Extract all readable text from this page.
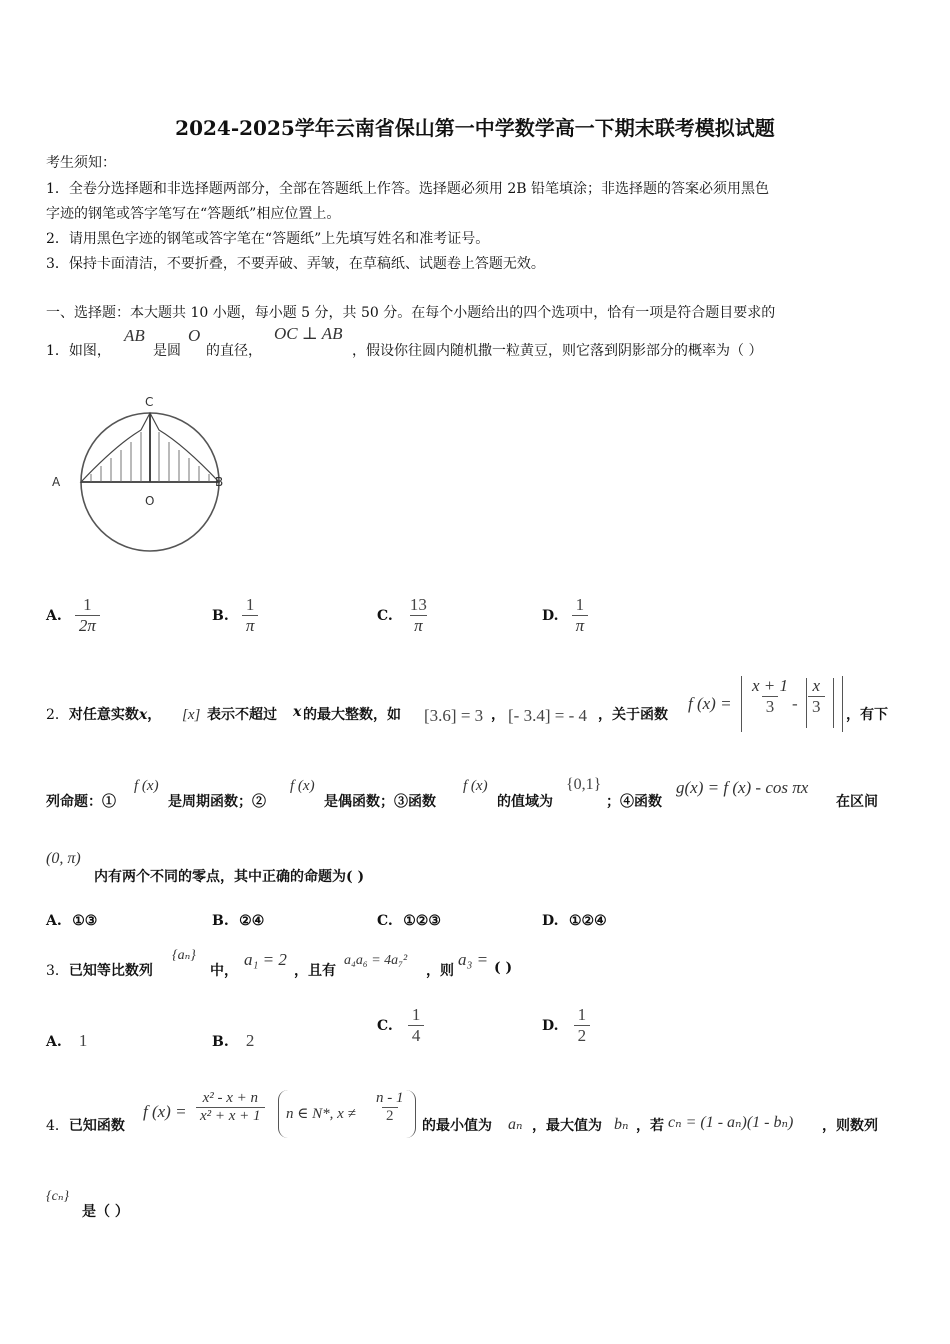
2024-2025学年云南省保山第一中学数学高一下期末联考模拟试题
考生须知：
1．全卷分选择题和非选择题两部分，全部在答题纸上作答。选择题必须用 2B 铅笔填涂；非选择题的答案必须用黑色
字迹的钢笔或答字笔写在“答题纸”相应位置上。
2．请用黑色字迹的钢笔或答字笔在“答题纸”上先填写姓名和准考证号。
3．保持卡面清洁，不要折叠，不要弄破、弄皱，在草稿纸、试题卷上答题无效。
一、选择题：本大题共 10 小题，每小题 5 分，共 50 分。在每个小题给出的四个选项中，恰有一项是符合题目要求的
1．如图，
AB
是圆
O
的直径，
OC ⊥ AB
，假设你往圆内随机撒一粒黄豆，则它落到阴影部分的概率为（ ）
C
A	B
O
A. $\frac{1}{2\pi}$	B. $\frac{1}{\pi}$	C. $\frac{13}{\pi}$	D. $\frac{1}{\pi}$
2．对任意实数x， [x] 表示不超过 x 的最大整数，如 [3.6] = 3 ， [- 3.4] = - 4 ，关于函数
f $(x) = \frac{x + 1}{3} - \frac{x}{3}$ ，有下
列命题：①
f (x)
是周期函数；②
f (x)
是偶函数；③函数
f (x)
的值域为
{0,1}
；④函数
g(x) = f (x) - cos πx
在区间
(0, π)
内有两个不同的零点，其中正确的命题为( )
A. ①③	B. ②④	C. ①②③	D. ①②④
3．已知等比数列
{aₙ}
中，
a₁ = 2
，且有
a₄a₆ = 4a₇²
，则
a₃ = ( )
A. 1	B. 2
C. $\frac{1}{4}$	D. $\frac{1}{2}$
4．已知函数
f $(x) = \frac{\text{x² - x + n}}{\text{x² + x + 1}}$ n ∈ N*, $x \ne \frac{n - 1}{2}$
的最小值为 aₙ ，最大值为 bₙ ，若 cₙ = (1 - aₙ)(1 - bₙ) ，则数列
{cₙ}
是（ ）
